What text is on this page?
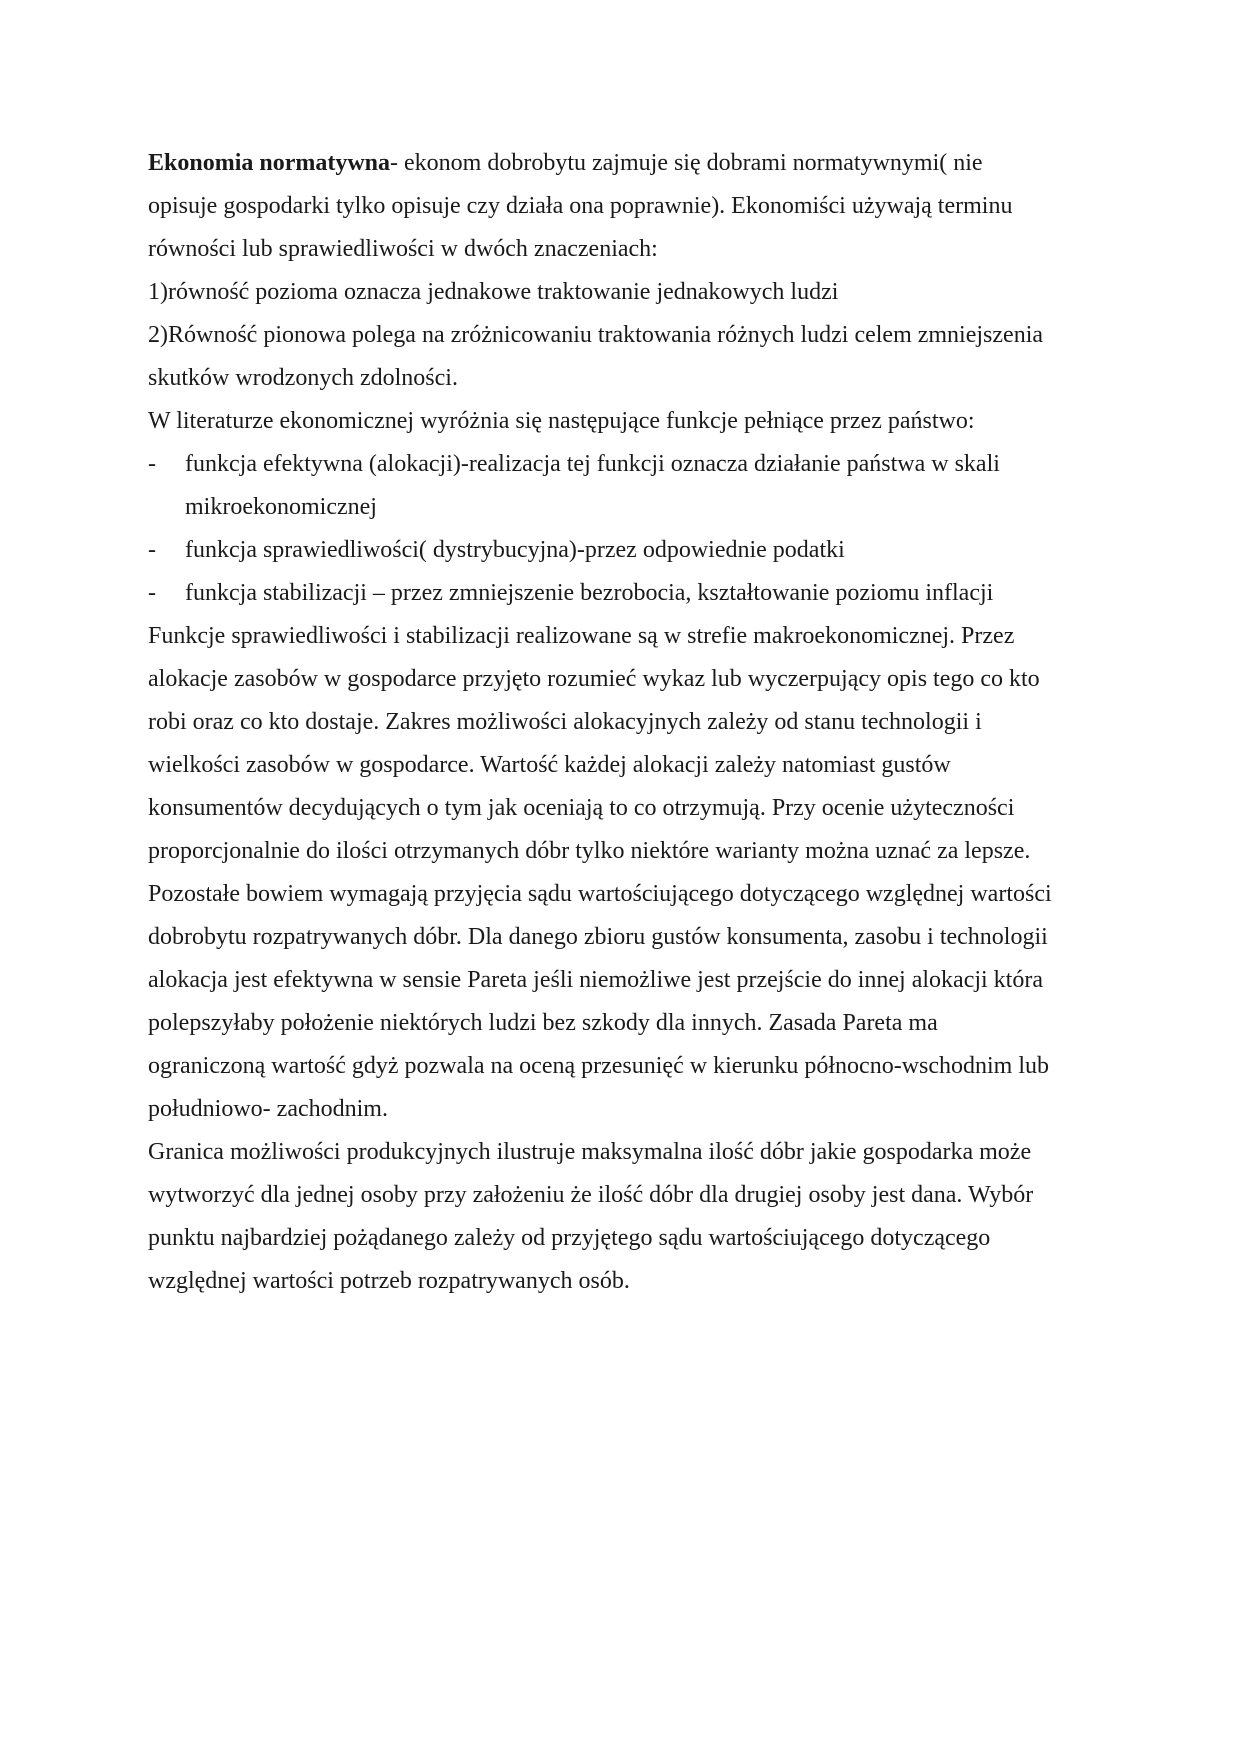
Ekonomia normatywna- ekonom dobrobytu zajmuje się dobrami normatywnymi( nie
opisuje gospodarki tylko opisuje czy działa ona poprawnie). Ekonomiści używają terminu
równości lub sprawiedliwości w dwóch znaczeniach:
1)równość pozioma oznacza jednakowe traktowanie jednakowych ludzi
2)Równość pionowa polega na zróżnicowaniu traktowania różnych ludzi celem zmniejszenia
skutków wrodzonych zdolności.
W literaturze ekonomicznej wyróżnia się następujące funkcje pełniące przez państwo:
- funkcja efektywna (alokacji)-realizacja tej funkcji oznacza działanie państwa w skali
mikroekonomicznej
- funkcja sprawiedliwości( dystrybucyjna)-przez odpowiednie podatki
- funkcja stabilizacji – przez zmniejszenie bezrobocia, kształtowanie poziomu inflacji
Funkcje sprawiedliwości i stabilizacji realizowane są w strefie makroekonomicznej. Przez
alokacje zasobów w gospodarce przyjęto rozumieć wykaz lub wyczerpujący opis tego co kto
robi oraz co kto dostaje. Zakres możliwości alokacyjnych zależy od stanu technologii i
wielkości zasobów w gospodarce. Wartość każdej alokacji zależy natomiast gustów
konsumentów decydujących o tym jak oceniają to co otrzymują. Przy ocenie użyteczności
proporcjonalnie do ilości otrzymanych dóbr tylko niektóre warianty można uznać za lepsze.
Pozostałe bowiem wymagają przyjęcia sądu wartościującego dotyczącego względnej wartości
dobrobytu rozpatrywanych dóbr. Dla danego zbioru gustów konsumenta, zasobu i technologii
alokacja jest efektywna w sensie Pareta jeśli niemożliwe jest przejście do innej alokacji która
polepszyłaby położenie niektórych ludzi bez szkody dla innych. Zasada Pareta ma
ograniczoną wartość gdyż pozwala na oceną przesunięć w kierunku północno-wschodnim lub
południowo- zachodnim.
Granica możliwości produkcyjnych ilustruje maksymalna ilość dóbr jakie gospodarka może
wytworzyć dla jednej osoby przy założeniu że ilość dóbr dla drugiej osoby jest dana. Wybór
punktu najbardziej pożądanego zależy od przyjętego sądu wartościującego dotyczącego
względnej wartości potrzeb rozpatrywanych osób.
